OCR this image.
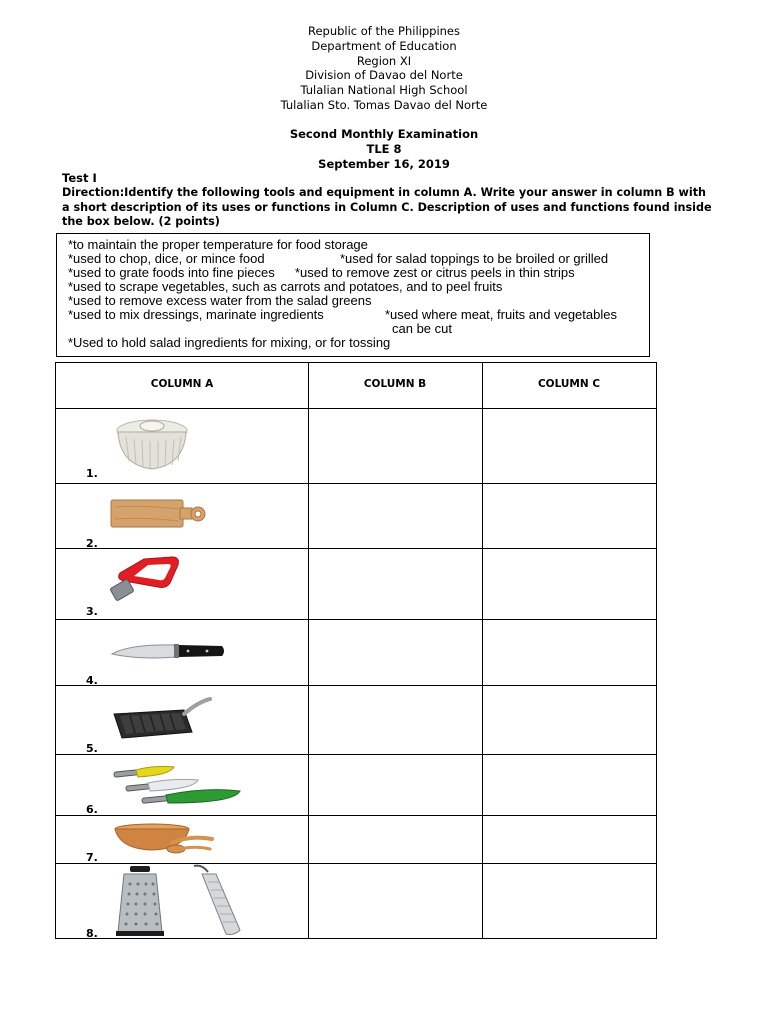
Republic of the Philippines
Department of Education
Region XI
Division of Davao del Norte
Tulalian National High School
Tulalian Sto. Tomas Davao del Norte
Second Monthly Examination
TLE 8
September 16, 2019
Test I
Direction:Identify the following tools and equipment in column A. Write your answer in column B with a short description of its uses or functions in Column C. Description of uses and functions found inside the box below. (2 points)
*to maintain the proper temperature for food storage
*used to chop, dice, or mince food	*used for salad toppings to be broiled or grilled
*used to grate foods into fine pieces *used to remove zest or citrus peels in thin strips
*used to scrape vegetables, such as carrots and potatoes, and to peel fruits
*used to remove excess water from the salad greens
*used to mix dressings, marinate ingredients	*used where meat, fruits and vegetables
can be cut
*Used to hold salad ingredients for mixing, or for tossing
COLUMN A	COLUMN B	COLUMN C
1.
2.
3.
4.
5.
6.
7.
8.
